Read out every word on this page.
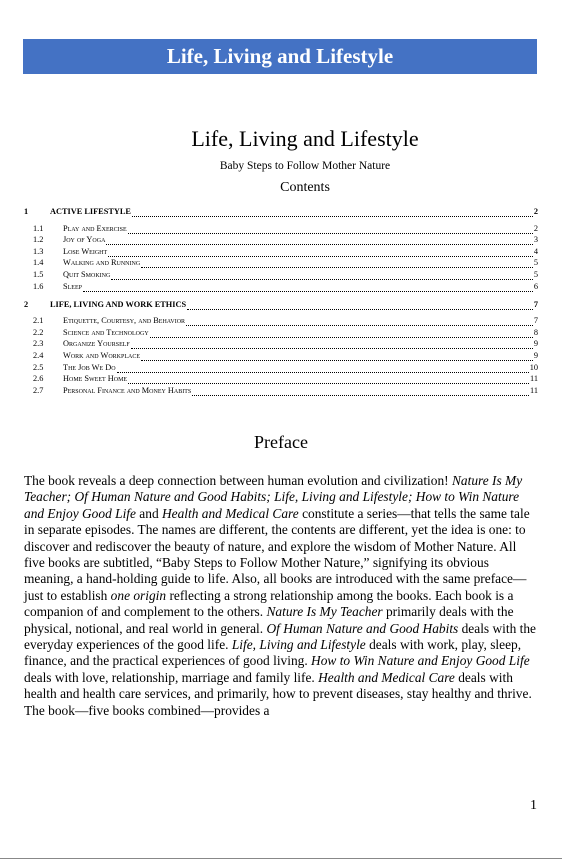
Life, Living and Lifestyle
Life, Living and Lifestyle
Baby Steps to Follow Mother Nature
Contents
1	ACTIVE LIFESTYLE	2
1.1	Play and Exercise	2
1.2	Joy of Yoga	3
1.3	Lose Weight	4
1.4	Walking and Running	5
1.5	Quit Smoking	5
1.6	Sleep	6
2	LIFE, LIVING AND WORK ETHICS	7
2.1	Etiquette, Courtesy, and Behavior	7
2.2	Science and Technology	8
2.3	Organize Yourself	9
2.4	Work and Workplace	9
2.5	The Job We Do	10
2.6	Home Sweet Home	11
2.7	Personal Finance and Money Habits	11
Preface
The book reveals a deep connection between human evolution and civilization! Nature Is My Teacher; Of Human Nature and Good Habits; Life, Living and Lifestyle; How to Win Nature and Enjoy Good Life and Health and Medical Care constitute a series—that tells the same tale in separate episodes. The names are different, the contents are different, yet the idea is one: to discover and rediscover the beauty of nature, and explore the wisdom of Mother Nature. All five books are subtitled, “Baby Steps to Follow Mother Nature,” signifying its obvious meaning, a hand-holding guide to life. Also, all books are introduced with the same preface—just to establish one origin reflecting a strong relationship among the books. Each book is a companion of and complement to the others. Nature Is My Teacher primarily deals with the physical, notional, and real world in general. Of Human Nature and Good Habits deals with the everyday experiences of the good life. Life, Living and Lifestyle deals with work, play, sleep, finance, and the practical experiences of good living. How to Win Nature and Enjoy Good Life deals with love, relationship, marriage and family life. Health and Medical Care deals with health and health care services, and primarily, how to prevent diseases, stay healthy and thrive. The book—five books combined—provides a
1
